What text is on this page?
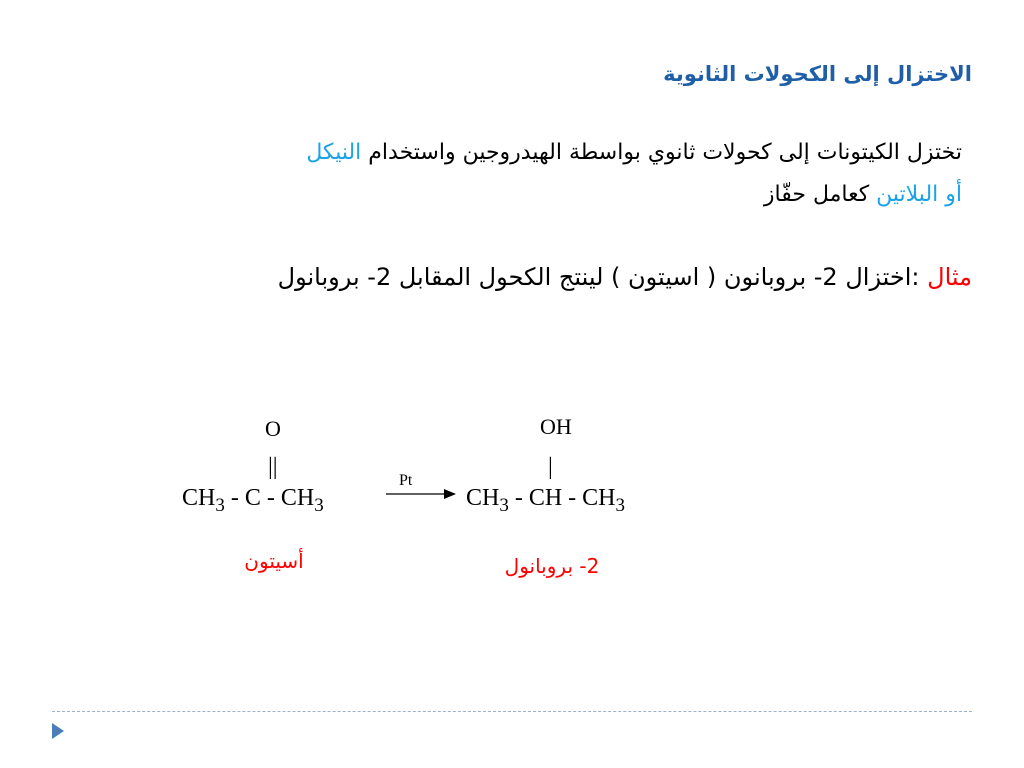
الاختزال إلى الكحولات الثانوية
تختزل الكيتونات إلى كحولات ثانوي بواسطة الهيدروجين واستخدام النيكل
أو البلاتين كعامل حفّاز
مثال :اختزال 2- بروبانون ( اسيتون ) لينتج الكحول المقابل 2- بروبانول
O
||
$CH_3$ - C - $CH_3$
أسيتون
Pt
OH
|
$CH_3$ - CH - $CH_3$
2- بروبانول
